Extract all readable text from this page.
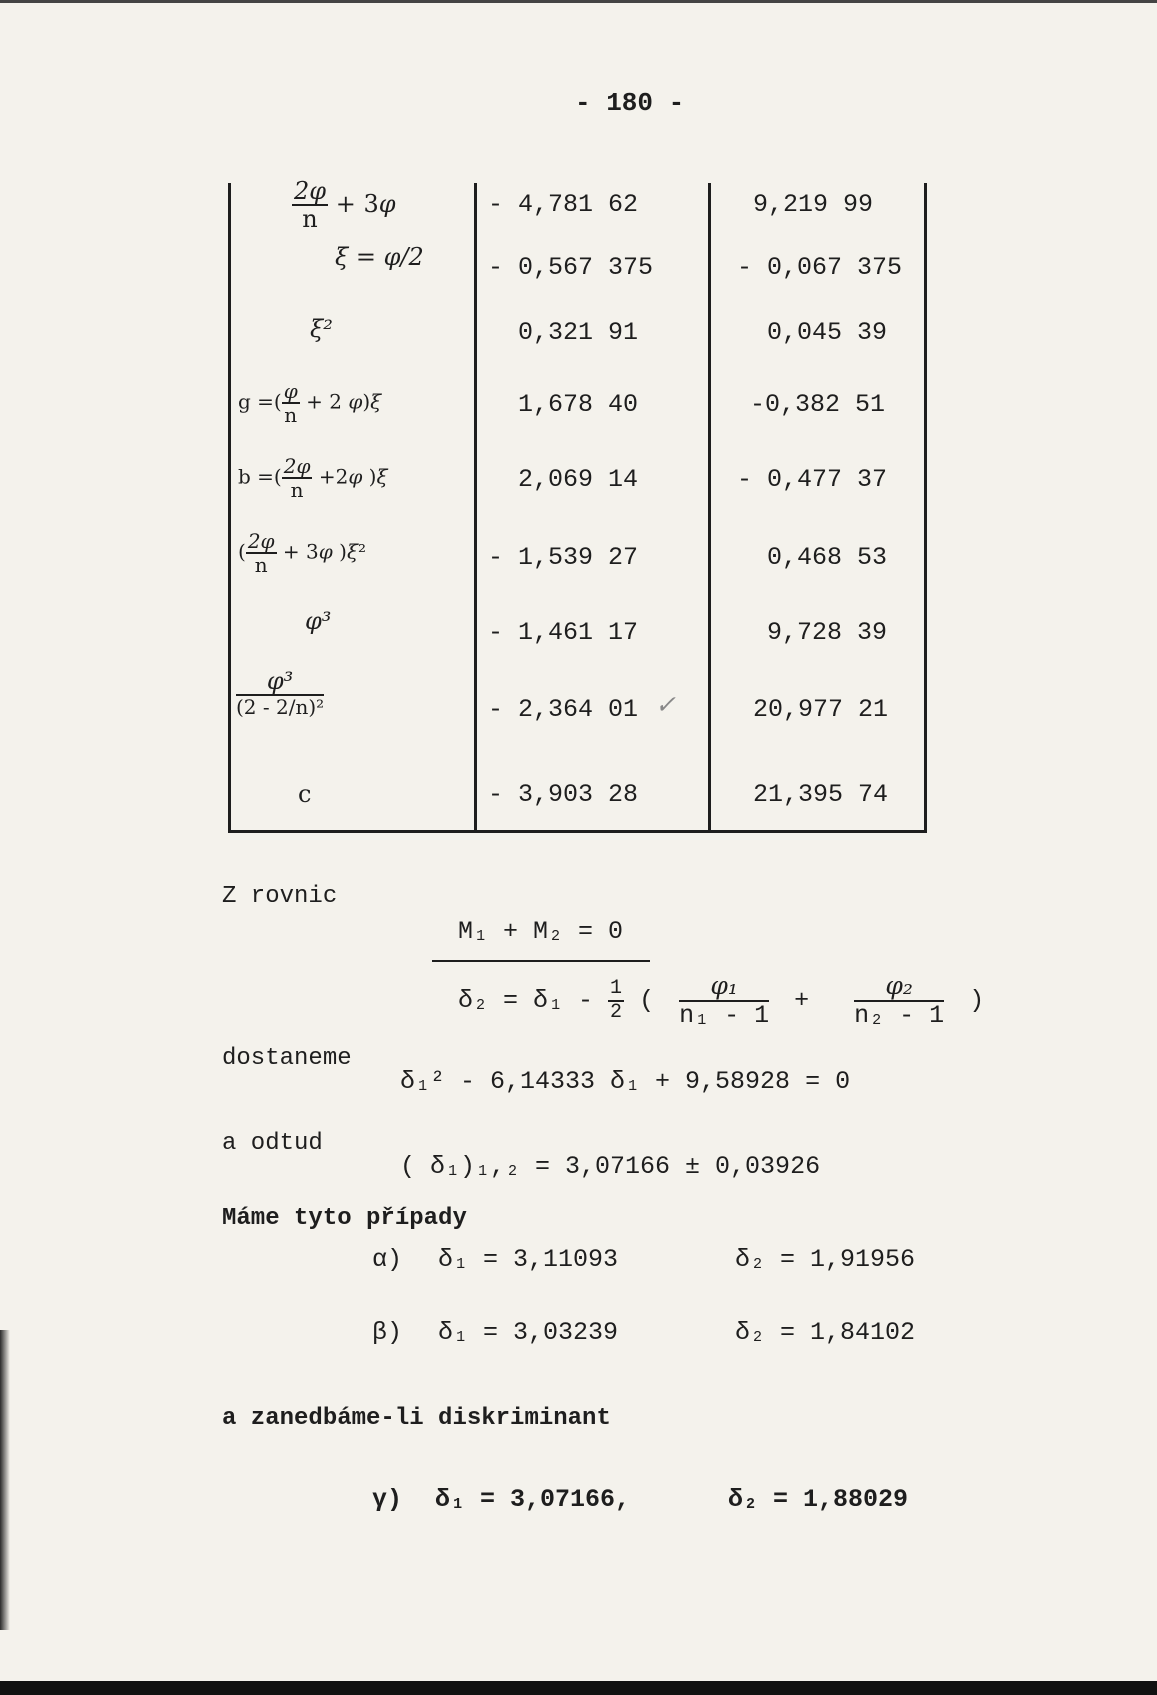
- 180 -
$\frac{2\varphi}{n} + 3\varphi$	- 4,781 62	9,219 99
ξ = φ/2	- 0,567 375	- 0,067 375
ξ²	0,321 91	0,045 39
g =( $\frac{\varphi}{n} + 2$ φ)ξ	1,678 40	-0,382 51
b =( $\frac{2\varphi}{n} +2\varphi$ )ξ	2,069 14	- 0,477 37
( $\frac{2\varphi}{n} + 3\varphi$ )ξ²	- 1,539 27	0,468 53
φ³	- 1,461 17	9,728 39
$\frac{\text{φ³}}{\text{(2 - 2/n)²}}$	- 2,364 01 ✓	20,977 21
c	- 3,903 28	21,395 74
Z rovnic
M₁ + M₂ = 0
$\delta_2 = \delta_1 - \frac{1}{2}$ ( $\frac{\text{φ₁}}{\text{n₁ - 1}} + \frac{\text{φ₂}}{\text{n₂ - 1}}$ )
dostaneme
δ₁² - 6,14333 δ₁ + 9,58928 = 0
a odtud
( δ₁)₁,₂ = 3,07166 ± 0,03926
Máme tyto případy
α) δ₁ = 3,11093	δ₂ = 1,91956
β) δ₁ = 3,03239	δ₂ = 1,84102
a zanedbáme-li diskriminant
γ) δ₁ = 3,07166,	δ₂ = 1,88029
